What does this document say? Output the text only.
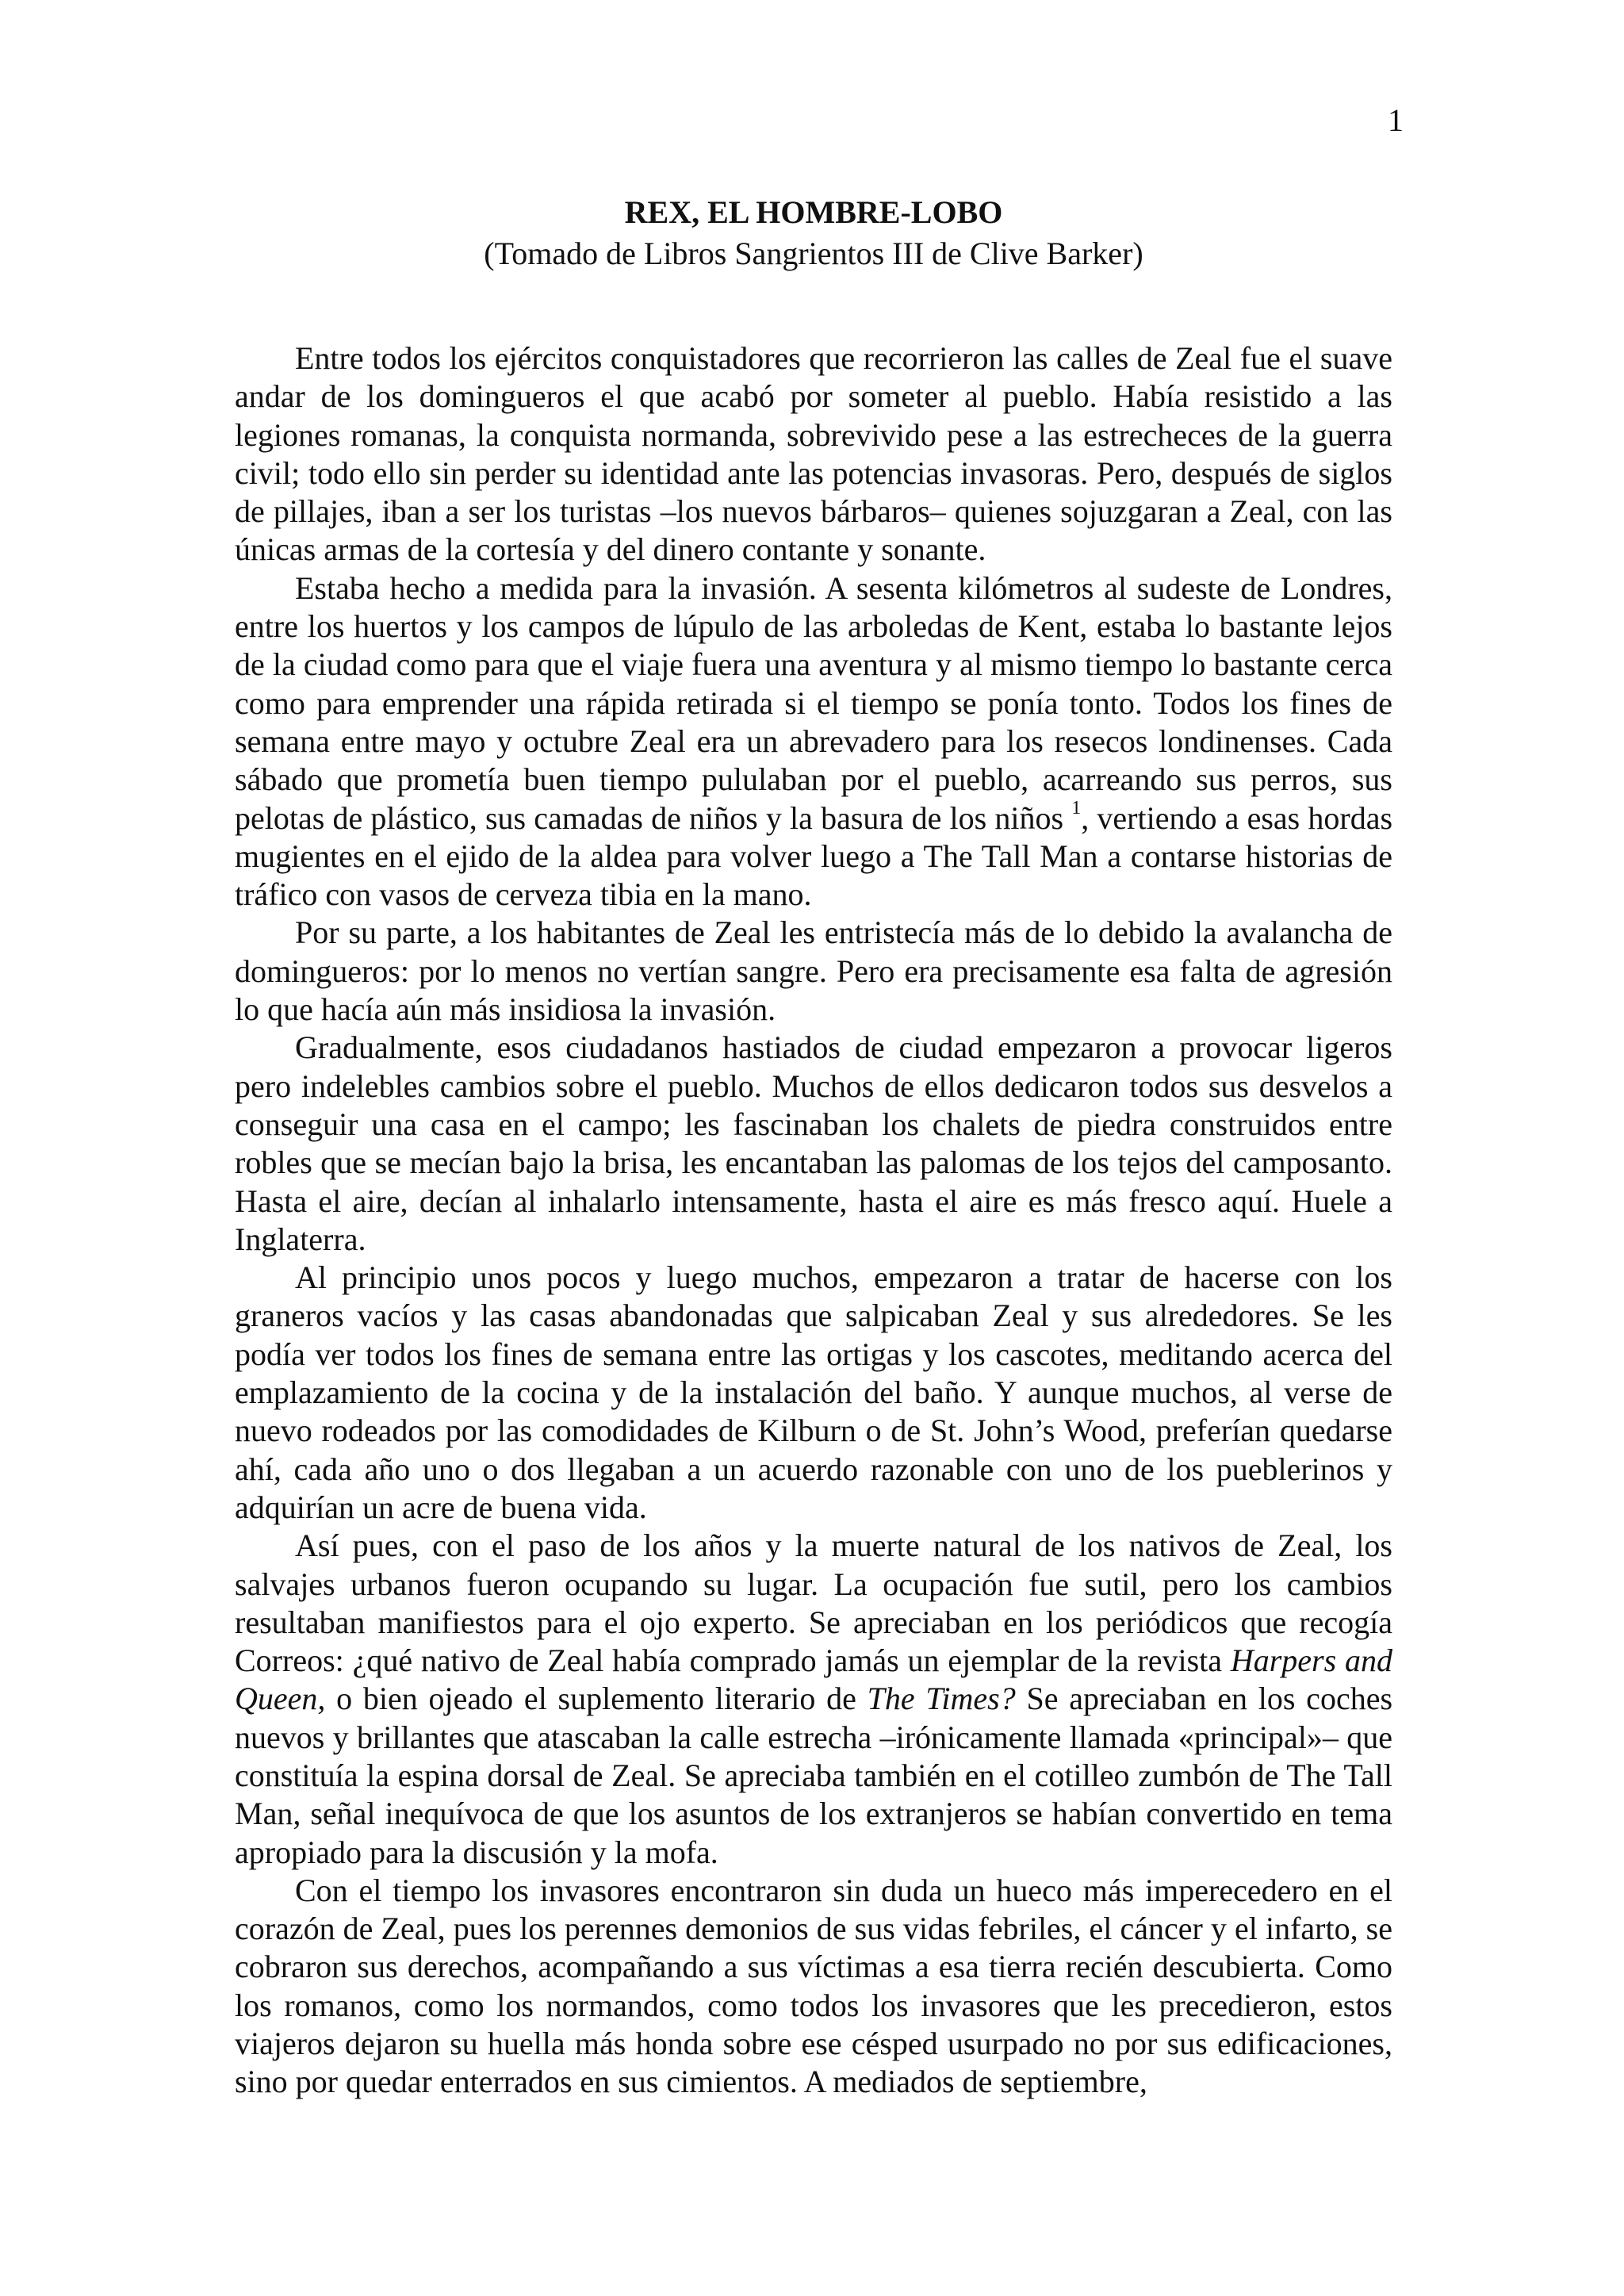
1
REX, EL HOMBRE-LOBO

(Tomado de Libros Sangrientos III de Clive Barker)

Entre todos los ejércitos conquistadores que recorrieron las calles de Zeal fue el suave andar de los domingueros el que acabó por someter al pueblo. Había resistido a las legiones romanas, la conquista normanda, sobrevivido pese a las estrecheces de la guerra civil; todo ello sin perder su identidad ante las potencias invasoras. Pero, después de siglos de pillajes, iban a ser los turistas –los nuevos bárbaros– quienes sojuzgaran a Zeal, con las únicas armas de la cortesía y del dinero contante y sonante.

Estaba hecho a medida para la invasión. A sesenta kilómetros al sudeste de Londres, entre los huertos y los campos de lúpulo de las arboledas de Kent, estaba lo bastante lejos de la ciudad como para que el viaje fuera una aventura y al mismo tiempo lo bastante cerca como para emprender una rápida retirada si el tiempo se ponía tonto. Todos los fines de semana entre mayo y octubre Zeal era un abrevadero para los resecos londinenses. Cada sábado que prometía buen tiempo pululaban por el pueblo, acarreando sus perros, sus pelotas de plástico, sus camadas de niños y la basura de los niños $^1$, vertiendo a esas hordas mugientes en el ejido de la aldea para volver luego a The Tall Man a contarse historias de tráfico con vasos de cerveza tibia en la mano.

Por su parte, a los habitantes de Zeal les entristecía más de lo debido la avalancha de domingueros: por lo menos no vertían sangre. Pero era precisamente esa falta de agresión lo que hacía aún más insidiosa la invasión.

Gradualmente, esos ciudadanos hastiados de ciudad empezaron a provocar ligeros pero indelebles cambios sobre el pueblo. Muchos de ellos dedicaron todos sus desvelos a conseguir una casa en el campo; les fascinaban los chalets de piedra construidos entre robles que se mecían bajo la brisa, les encantaban las palomas de los tejos del camposanto. Hasta el aire, decían al inhalarlo intensamente, hasta el aire es más fresco aquí. Huele a Inglaterra.

Al principio unos pocos y luego muchos, empezaron a tratar de hacerse con los graneros vacíos y las casas abandonadas que salpicaban Zeal y sus alrededores. Se les podía ver todos los fines de semana entre las ortigas y los cascotes, meditando acerca del emplazamiento de la cocina y de la instalación del baño. Y aunque muchos, al verse de nuevo rodeados por las comodidades de Kilburn o de St. John’s Wood, preferían quedarse ahí, cada año uno o dos llegaban a un acuerdo razonable con uno de los pueblerinos y adquirían un acre de buena vida.

Así pues, con el paso de los años y la muerte natural de los nativos de Zeal, los salvajes urbanos fueron ocupando su lugar. La ocupación fue sutil, pero los cambios resultaban manifiestos para el ojo experto. Se apreciaban en los periódicos que recogía Correos: ¿qué nativo de Zeal había comprado jamás un ejemplar de la revista Harpers and Queen, o bien ojeado el suplemento literario de The Times? Se apreciaban en los coches nuevos y brillantes que atascaban la calle estrecha –irónicamente llamada «principal»– que constituía la espina dorsal de Zeal. Se apreciaba también en el cotilleo zumbón de The Tall Man, señal inequívoca de que los asuntos de los extranjeros se habían convertido en tema apropiado para la discusión y la mofa.

Con el tiempo los invasores encontraron sin duda un hueco más imperecedero en el corazón de Zeal, pues los perennes demonios de sus vidas febriles, el cáncer y el infarto, se cobraron sus derechos, acompañando a sus víctimas a esa tierra recién descubierta. Como los romanos, como los normandos, como todos los invasores que les precedieron, estos viajeros dejaron su huella más honda sobre ese césped usurpado no por sus edificaciones, sino por quedar enterrados en sus cimientos. A mediados de septiembre,
